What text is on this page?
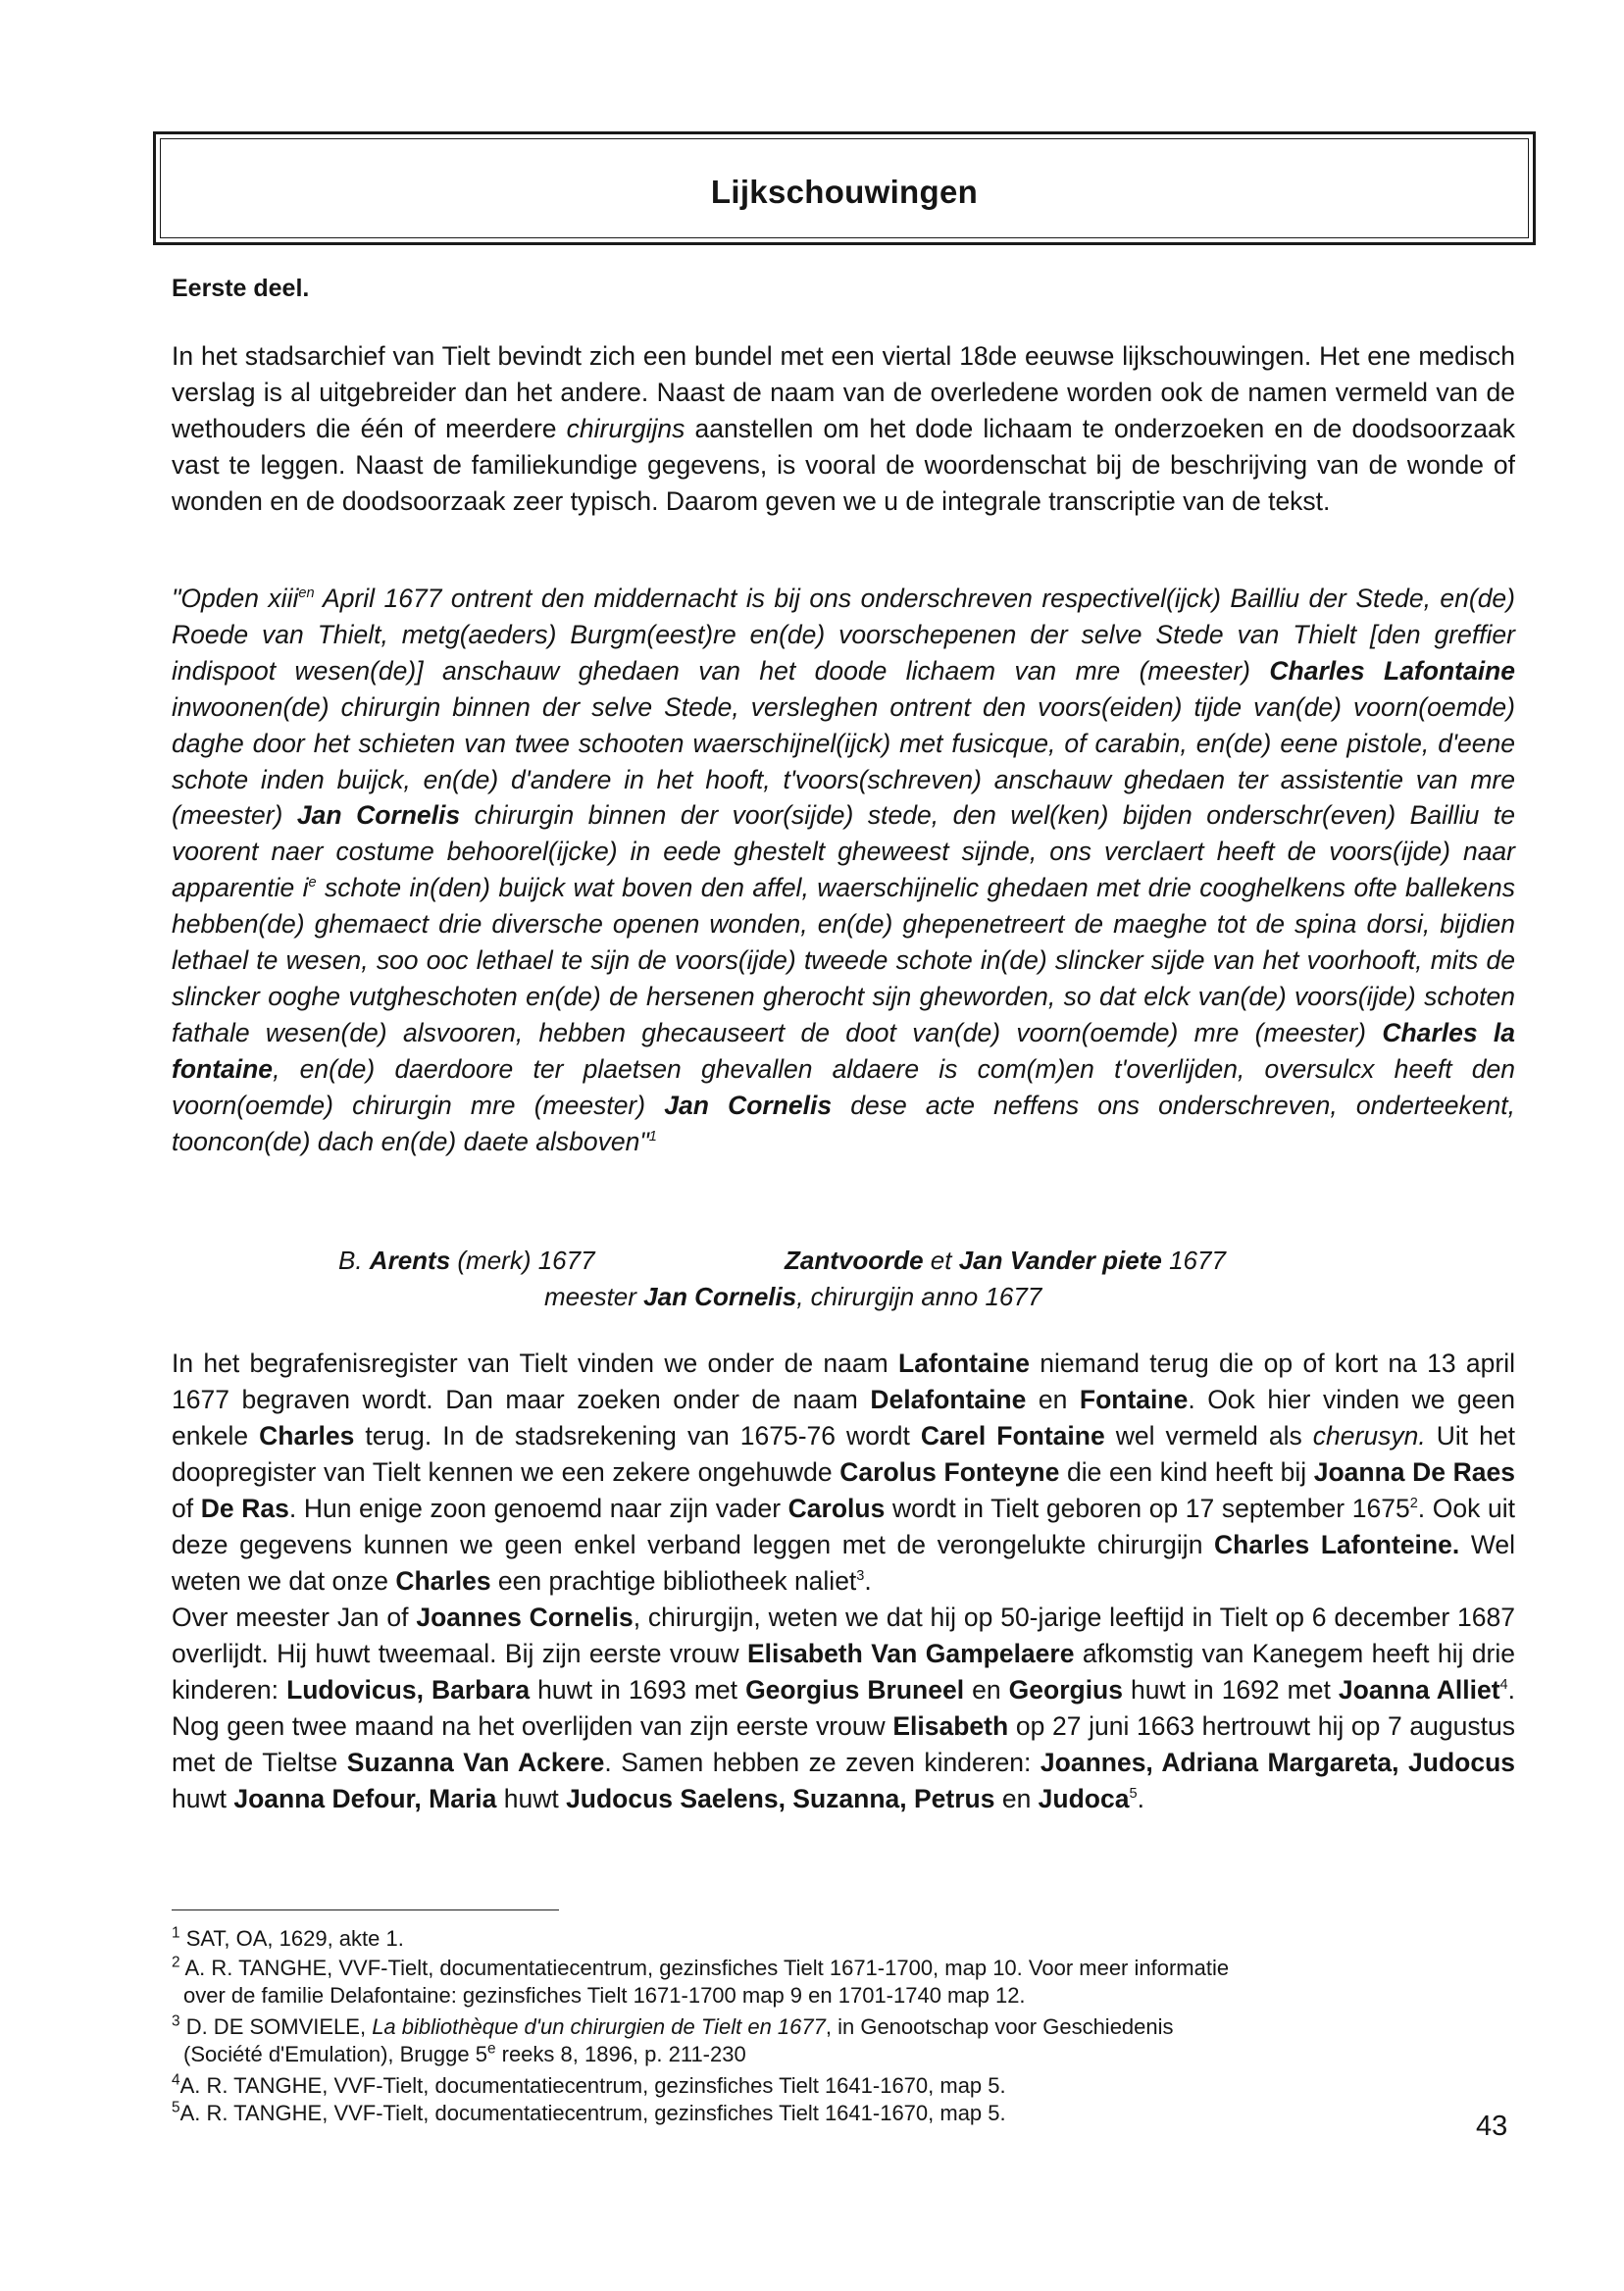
Lijkschouwingen
Eerste deel.

In het stadsarchief van Tielt bevindt zich een bundel met een viertal 18de eeuwse lijkschouwingen. Het ene medisch verslag is al uitgebreider dan het andere. Naast de naam van de overledene worden ook de namen vermeld van de wethouders die één of meerdere chirurgijns aanstellen om het dode lichaam te onderzoeken en de doodsoorzaak vast te leggen. Naast de familiekundige gegevens, is vooral de woordenschat bij de beschrijving van de wonde of wonden en de doodsoorzaak zeer typisch. Daarom geven we u de integrale transcriptie van de tekst.

"Opden xiii$^{en}$ April 1677 ontrent den middernacht is bij ons onderschreven respectivel(ijck) Bailliu der Stede, en(de) Roede van Thielt, metg(aeders) Burgm(eest)re en(de) voorschepenen der selve Stede van Thielt [den greffier indispoot wesen(de)] anschauw ghedaen van het doode lichaem van mre (meester) Charles Lafontaine inwoonen(de) chirurgin binnen der selve Stede, versleghen ontrent den voors(eiden) tijde van(de) voorn(oemde) daghe door het schieten van twee schooten waerschijnel(ijck) met fusicque, of carabin, en(de) eene pistole, d'eene schote inden buijck, en(de) d'andere in het hooft, t'voors(schreven) anschauw ghedaen ter assistentie van mre (meester) Jan Cornelis chirurgin binnen der voor(sijde) stede, den wel(ken) bijden onderschr(even) Bailliu te voorent naer costume behoorel(ijcke) in eede ghestelt gheweest sijnde, ons verclaert heeft de voors(ijde) naar apparentie $i^e$ schote in(den) buijck wat boven den affel, waerschijnelic ghedaen met drie cooghelkens ofte ballekens hebben(de) ghemaect drie diversche openen wonden, en(de) ghepenetreert de maeghe tot de spina dorsi, bijdien lethael te wesen, soo ooc lethael te sijn de voors(ijde) tweede schote in(de) slincker sijde van het voorhooft, mits de slincker ooghe vutgheschoten en(de) de hersenen gherocht sijn gheworden, so dat elck van(de) voors(ijde) schoten fathale wesen(de) alsvooren, hebben ghecauseert de doot van(de) voorn(oemde) mre (meester) Charles la fontaine, en(de) daerdoore ter plaetsen ghevallen aldaere is com(m)en t'overlijden, oversulcx heeft den voorn(oemde) chirurgin mre (meester) Jan Cornelis dese acte neffens ons onderschreven, onderteekent, tooncon(de) dach en(de) daete alsboven"$^1$

B. Arents (merk) 1677	Zantvoorde et Jan Vander piete 1677
meester Jan Cornelis, chirurgijn anno 1677

In het begrafenisregister van Tielt vinden we onder de naam Lafontaine niemand terug die op of kort na 13 april 1677 begraven wordt. Dan maar zoeken onder de naam Delafontaine en Fontaine. Ook hier vinden we geen enkele Charles terug. In de stadsrekening van 1675-76 wordt Carel Fontaine wel vermeld als cherusyn. Uit het doopregister van Tielt kennen we een zekere ongehuwde Carolus Fonteyne die een kind heeft bij Joanna De Raes of De Ras. Hun enige zoon genoemd naar zijn vader Carolus wordt in Tielt geboren op 17 september 1675$^2$. Ook uit deze gegevens kunnen we geen enkel verband leggen met de verongelukte chirurgijn Charles Lafonteine. Wel weten we dat onze Charles een prachtige bibliotheek naliet$^3$.
Over meester Jan of Joannes Cornelis, chirurgijn, weten we dat hij op 50-jarige leeftijd in Tielt op 6 december 1687 overlijdt. Hij huwt tweemaal. Bij zijn eerste vrouw Elisabeth Van Gampelaere afkomstig van Kanegem heeft hij drie kinderen: Ludovicus, Barbara huwt in 1693 met Georgius Bruneel en Georgius huwt in 1692 met Joanna Alliet$^4$. Nog geen twee maand na het overlijden van zijn eerste vrouw Elisabeth op 27 juni 1663 hertrouwt hij op 7 augustus met de Tieltse Suzanna Van Ackere. Samen hebben ze zeven kinderen: Joannes, Adriana Margareta, Judocus huwt Joanna Defour, Maria huwt Judocus Saelens, Suzanna, Petrus en Judoca$^5$.

$^1$ SAT, OA, 1629, akte 1.
$^2$ A. R. TANGHE, VVF-Tielt, documentatiecentrum, gezinsfiches Tielt 1671-1700, map 10. Voor meer informatie
over de familie Delafontaine: gezinsfiches Tielt 1671-1700 map 9 en 1701-1740 map 12.
$^3$ D. DE SOMVIELE, La bibliothèque d'un chirurgien de Tielt en 1677, in Genootschap voor Geschiedenis
(Société d'Emulation), Brugge 5e reeks 8, 1896, p. 211-230
$^4$A. R. TANGHE, VVF-Tielt, documentatiecentrum, gezinsfiches Tielt 1641-1670, map 5.
$^5$A. R. TANGHE, VVF-Tielt, documentatiecentrum, gezinsfiches Tielt 1641-1670, map 5.	43
